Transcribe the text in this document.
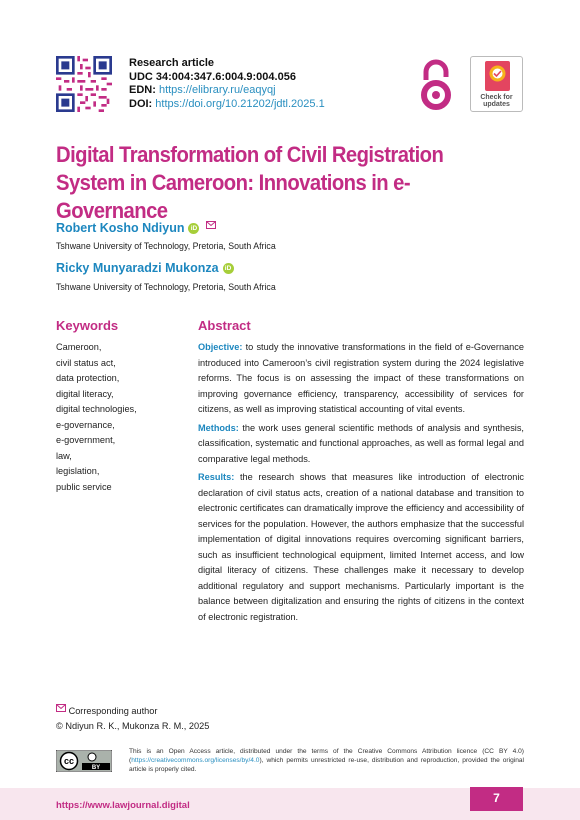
Research article
UDC 34:004:347.6:004.9:004.056
EDN: https://elibrary.ru/eaqyqj
DOI: https://doi.org/10.21202/jdtl.2025.1	Check for
updates
Digital Transformation of Civil Registration System in Cameroon: Innovations in e-Governance
Robert Kosho Ndiyun iD
Tshwane University of Technology, Pretoria, South Africa
Ricky Munyaradzi Mukonza iD
Tshwane University of Technology, Pretoria, South Africa
Keywords
Cameroon,
civil status act,
data protection,
digital literacy,
digital technologies,
e-governance,
e-government,
law,
legislation,
public service
Abstract

Objective: to study the innovative transformations in the field of e-Governance introduced into Cameroon’s civil registration system during the 2024 legislative reforms. The focus is on assessing the impact of these transformations on improving governance efficiency, transparency, accessibility of services for citizens, as well as improving statistical accounting of vital events.

Methods: the work uses general scientific methods of analysis and synthesis, classification, systematic and functional approaches, as well as formal legal and comparative legal methods.

Results: the research shows that measures like introduction of electronic declaration of civil status acts, creation of a national database and transition to electronic certificates can dramatically improve the efficiency and accessibility of services for the population. However, the authors emphasize that the successful implementation of digital innovations requires overcoming significant barriers, such as insufficient technological equipment, limited Internet access, and low digital literacy of citizens. These challenges make it necessary to develop additional regulatory and support mechanisms. Particularly important is the balance between digitalization and ensuring the rights of citizens in the context of electronic registration.

Corresponding author
© Ndiyun R. K., Mukonza R. M., 2025
cc
BY
This is an Open Access article, distributed under the terms of the Creative Commons Attribution licence (CC BY 4.0) (https://creativecommons.org/licenses/by/4.0), which permits unrestricted re-use, distribution and reproduction, provided the original article is properly cited.
https://www.lawjournal.digital
7
